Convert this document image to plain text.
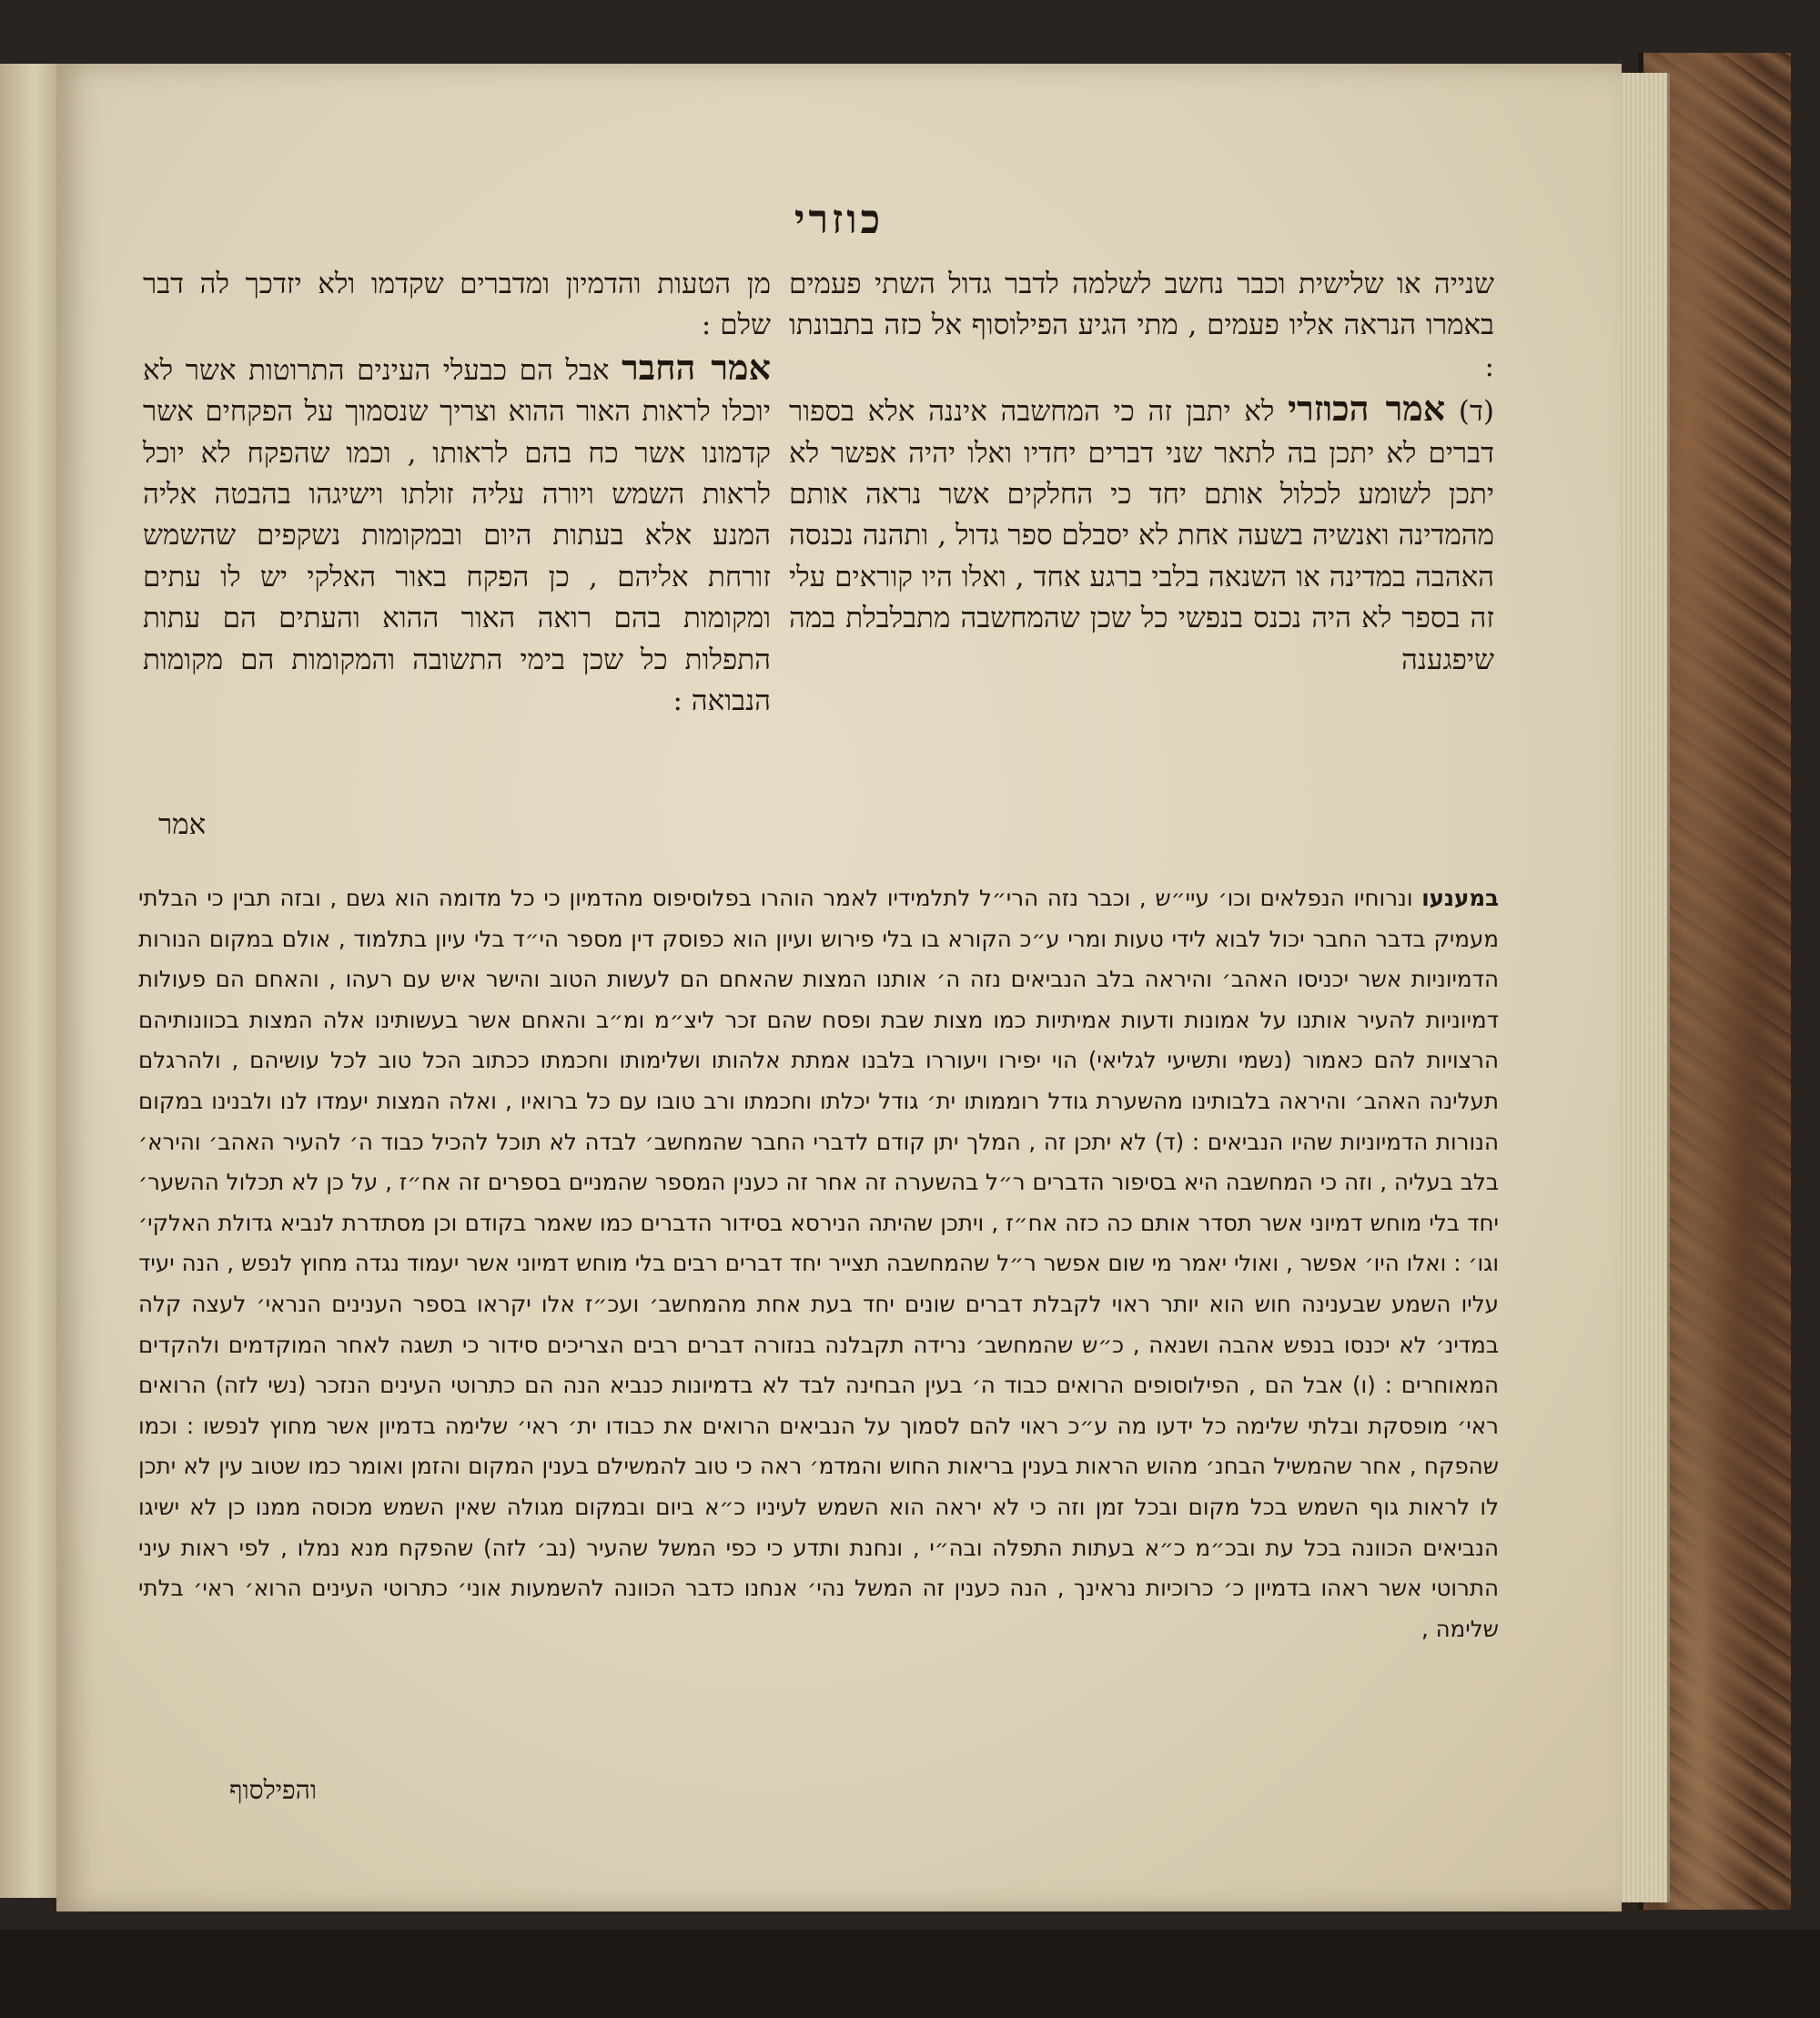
כוזרי

שנייה או שלישית וכבר נחשב לשלמה לדבר גדול השתי פעמים באמרו הנראה אליו פעמים , מתי הגיע הפילוסוף אל כזה בתבונתו :

(ד) אמר הכוזרי לא יתבן זה כי המחשבה איננה אלא בספור דברים לא יתכן בה לתאר שני דברים יחדיו ואלו יהיה אפשר לא יתכן לשומע לכלול אותם יחד כי החלקים אשר נראה אותם מהמדינה ואנשיה בשעה אחת לא יסבלם ספר גדול , ותהנה נכנסה האהבה במדינה או השנאה בלבי ברגע אחד , ואלו היו קוראים עלי זה בספר לא היה נכנס בנפשי כל שכן שהמחשבה מתבלבלת במה שיפגענה

מן הטעות והדמיון ומדברים שקדמו ולא יזדכך לה דבר שלם :

אמר החבר אבל הם כבעלי העינים התרוטות אשר לא יוכלו לראות האור ההוא וצריך שנסמוך על הפקחים אשר קדמונו אשר כח בהם לראותו , וכמו שהפקח לא יוכל לראות השמש ויורה עליה זולתו וישיגהו בהבטה אליה המנע אלא בעתות היום ובמקומות נשקפים שהשמש זורחת אליהם , כן הפקח באור האלקי יש לו עתים ומקומות בהם רואה האור ההוא והעתים הם עתות התפלות כל שכן בימי התשובה והמקומות הם מקומות הנבואה :

אמר

במענעו ונרוחיו הנפלאים וכו׳ עיי״ש , וכבר נזה הרי״ל לתלמידיו לאמר הוהרו בפלוסיפוס מהדמיון כי כל מדומה הוא גשם , ובזה תבין כי הבלתי מעמיק בדבר החבר יכול לבוא לידי טעות ומרי ע״כ הקורא בו בלי פירוש ועיון הוא כפוסק דין מספר הי״ד בלי עיון בתלמוד , אולם במקום הנורות הדמיוניות אשר יכניסו האהב׳ והיראה בלב הנביאים נזה ה׳ אותנו המצות שהאחם הם לעשות הטוב והישר איש עם רעהו , והאחם הם פעולות דמיוניות להעיר אותנו על אמונות ודעות אמיתיות כמו מצות שבת ופסח שהם זכר ליצ״מ ומ״ב והאחם אשר בעשותינו אלה המצות בכוונותיהם הרצויות להם כאמור (נשמי ותשיעי לגליאי) הוי יפירו ויעוררו בלבנו אמתת אלהותו ושלימותו וחכמתו ככתוב הכל טוב לכל עושיהם , ולהרגלם תעלינה האהב׳ והיראה בלבותינו מהשערת גודל רוממותו ית׳ גודל יכלתו וחכמתו ורב טובו עם כל ברואיו , ואלה המצות יעמדו לנו ולבנינו במקום הנורות הדמיוניות שהיו הנביאים : (ד) לא יתכן זה , המלך יתן קודם לדברי החבר שהמחשב׳ לבדה לא תוכל להכיל כבוד ה׳ להעיר האהב׳ והירא׳ בלב בעליה , וזה כי המחשבה היא בסיפור הדברים ר״ל בהשערה זה אחר זה כענין המספר שהמניים בספרים זה אח״ז , על כן לא תכלול ההשער׳ יחד בלי מוחש דמיוני אשר תסדר אותם כה כזה אח״ז , ויתכן שהיתה הנירסא בסידור הדברים כמו שאמר בקודם וכן מסתדרת לנביא גדולת האלקי׳ וגו׳ : ואלו היו׳ אפשר , ואולי יאמר מי שום אפשר ר״ל שהמחשבה תצייר יחד דברים רבים בלי מוחש דמיוני אשר יעמוד נגדה מחוץ לנפש , הנה יעיד עליו השמע שבענינה חוש הוא יותר ראוי לקבלת דברים שונים יחד בעת אחת מהמחשב׳ ועכ״ז אלו יקראו בספר הענינים הנראי׳ לעצה קלה במדינ׳ לא יכנסו בנפש אהבה ושנאה , כ״ש שהמחשב׳ נרידה תקבלנה בנזורה דברים רבים הצריכים סידור כי תשגה לאחר המוקדמים ולהקדים המאוחרים : (ו) אבל הם , הפילוסופים הרואים כבוד ה׳ בעין הבחינה לבד לא בדמיונות כנביא הנה הם כתרוטי העינים הנזכר (נשי לזה) הרואים ראי׳ מופסקת ובלתי שלימה כל ידעו מה ע״כ ראוי להם לסמוך על הנביאים הרואים את כבודו ית׳ ראי׳ שלימה בדמיון אשר מחוץ לנפשו : וכמו שהפקח , אחר שהמשיל הבחנ׳ מהוש הראות בענין בריאות החוש והמדמ׳ ראה כי טוב להמשילם בענין המקום והזמן ואומר כמו שטוב עין לא יתכן לו לראות גוף השמש בכל מקום ובכל זמן וזה כי לא יראה הוא השמש לעיניו כ״א ביום ובמקום מגולה שאין השמש מכוסה ממנו כן לא ישיגו הנביאים הכוונה בכל עת ובכ״מ כ״א בעתות התפלה ובה״י , ונחנת ותדע כי כפי המשל שהעיר (נב׳ לזה) שהפקח מנא נמלו , לפי ראות עיני התרוטי אשר ראהו בדמיון כ׳ כרוכיות נראינך , הנה כענין זה המשל נהי׳ אנחנו כדבר הכוונה להשמעות אוני׳ כתרוטי העינים הרוא׳ ראי׳ בלתי שלימה ,

והפילסוף
